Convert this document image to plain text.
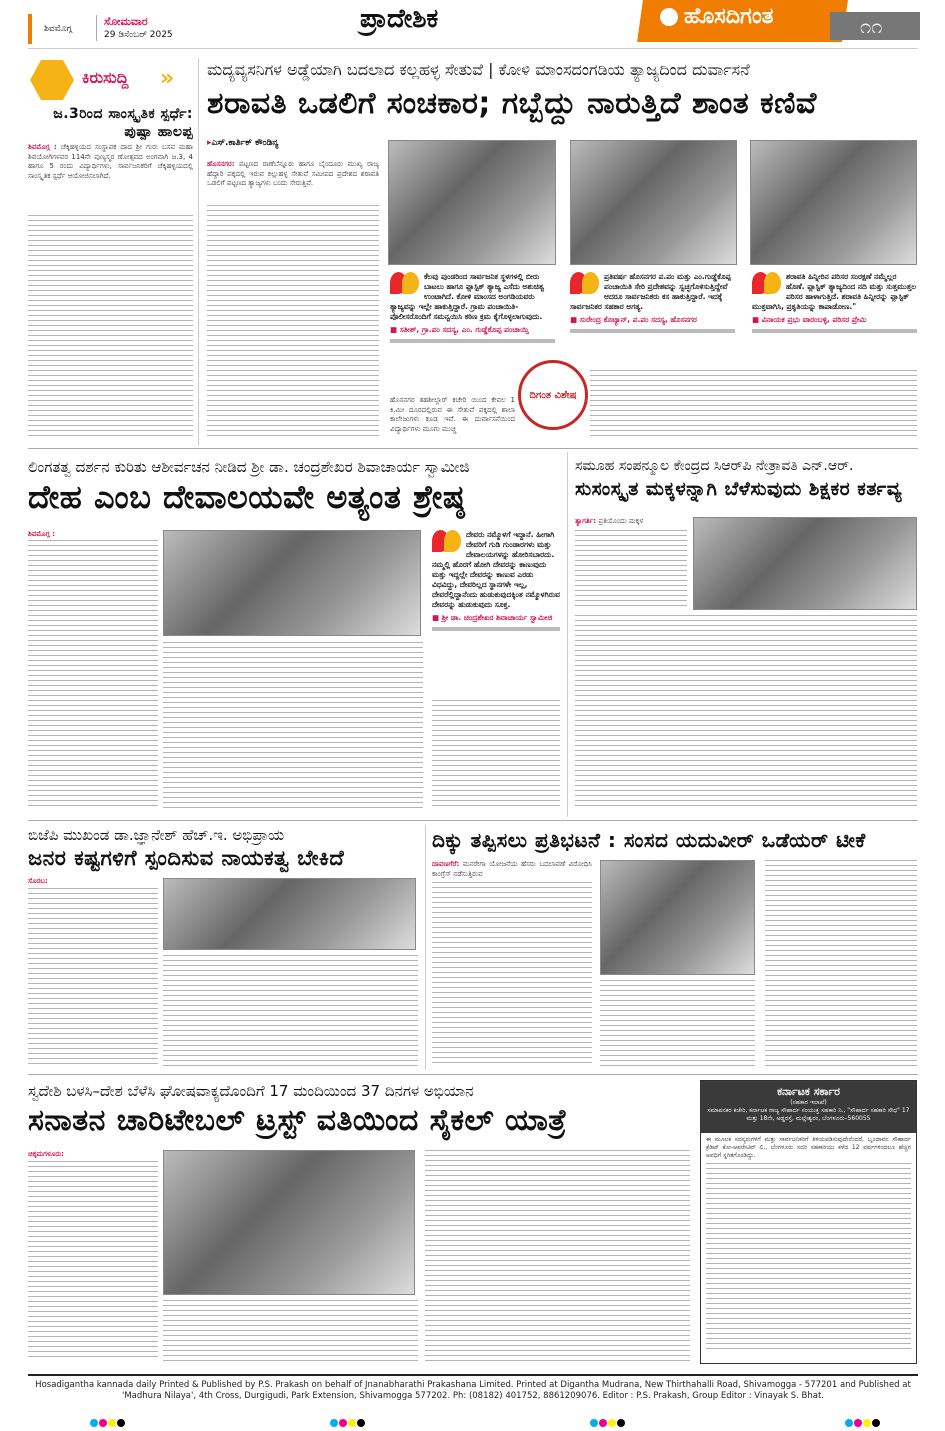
ಶಿವಮೊಗ್ಗ
ಸೋಮವಾರ
29 ಡಿಸೆಂಬರ್ 2025
ಪ್ರಾದೇಶಿಕ	ಹೊಸದಿಗಂತ	೧೧
ಕಿರುಸುದ್ದಿ »
ಜ.3ರಿಂದ ಸಾಂಸ್ಕೃತಿಕ ಸ್ಪರ್ಧೆ: ಪುಷ್ಪಾ ಹಾಲಪ್ಪ
ಶಿವಮೊಗ್ಗ : ಚೆಕ್ಕಿಹಳ್ಳಿಯದ ಸಂಸ್ಥಾಪಕ ದಾದ ಶ್ರೀ ಗುರು ಬಸವ ಮಹಾ ಶಿವಯೋಗಿಗಳವರ 114ನೇ ಪುಣ್ಯಸ್ಮರ ಣೋತ್ಸವದ ಅಂಗವಾಗಿ ಜ.3, 4 ಹಾಗೂ 5 ರಂದು ವಿದ್ಯಾರ್ಥಿಗಳು, ಸಾರ್ವಜನಿಕರಿಗೆ ಚೆಕ್ಕಿಹಳ್ಳಿಯದಲ್ಲಿ ಸಾಂಸ್ಕೃತಿಕ ಸ್ಪರ್ಧೆ ಆಯೋಜಿಸಲಾಗಿದೆ.
ಮದ್ಯವ್ಯಸನಿಗಳ ಅಡ್ಡೆಯಾಗಿ ಬದಲಾದ ಕಲ್ಲಹಳ್ಳ ಸೇತುವೆ | ಕೋಳಿ ಮಾಂಸದಂಗಡಿಯ ತ್ಯಾಜ್ಯದಿಂದ ದುರ್ವಾಸನೆ
ಶರಾವತಿ ಒಡಲಿಗೆ ಸಂಚಕಾರ; ಗಬ್ಬೆದ್ದು ನಾರುತ್ತಿದೆ ಶಾಂತ ಕಣಿವೆ
▸ಎಸ್.ಕಾರ್ತಿಕ್ ಕೌಂಡಿನ್ಯ
ಹೊಸನಗರ: ಪಟ್ಟಣದ ರಾಣೆಬೆನ್ನೂರು ಹಾಗೂ ಬೈಂದೂರು ಮುಖ್ಯ ರಾಜ್ಯ ಹೆದ್ದಾರಿ ಪಕ್ಕದಲ್ಲಿ ಇರುವ ಕಲ್ಲುಹಳ್ಳ ಸೇತುವೆ ಸಮೀಪದ ಪ್ರದೇಶದ ಶರಾವತಿ ಒಡಲಿಗೆ ಪಟ್ಟಣದ ತ್ಯಾಜ್ಯಗಳು ಬಂದು ಸೇರುತ್ತಿವೆ.
ಕೆಲವು ಪುಂಡರಿಂದ ಸಾರ್ವಜನಿಕ ಸ್ಥಳಗಳಲ್ಲಿ ಬೀರು ಬಾಟಲು ಹಾಗೂ ಪ್ಲಾಸ್ಟಿಕ್ ತ್ಯಾಜ್ಯ ಎಸೆದು ಅಶುಚಿತ್ವ ಉಂಟಾಗಿದೆ. ಕೋಳಿ ಮಾಂಸದ ಅಂಗಡಿಯವರು ತ್ಯಾಜ್ಯವನ್ನು ಇಲ್ಲೇ ಹಾಕುತ್ತಿದ್ದಾರೆ. ಗ್ರಾಮ ಪಂಚಾಯಿತಿ- ಪೊಲೀಸರೊಂದಿಗೆ ಸಮನ್ವಯಿಸಿ ಕಠಿಣ ಕ್ರಮ ಕೈಗೊಳ್ಳಲಾಗುವುದು.
■ ಸತೀಶ್, ಗ್ರಾ.ಪಂ ಸದಸ್ಯ, ಎಂ. ಗುಡ್ಡೆಕೊಪ್ಪ ಪಂಚಾಯ್ತಿ
ಪ್ರತಿವರ್ಷ ಹೊಸನಗರ ಪ.ಪಂ ಮತ್ತು ಎಂ.ಗುಡ್ಡೆಕೊಪ್ಪ ಪಂಚಾಯಿತಿ ಸೇರಿ ಪ್ರದೇಶವನ್ನು ಸ್ವಚ್ಛಗೊಳಿಸುತ್ತಿದ್ದೇವೆ ಆದರೂ ಸಾರ್ವಜನಿಕರು ಕಸ ಹಾಕುತ್ತಿದ್ದಾರೆ. ಇದಕ್ಕೆ ಸಾರ್ವಜನಿಕರ ಸಹಕಾರ ಅಗತ್ಯ.
■ ಸುರೇಂದ್ರ ಕೊಟ್ಯಾನ್, ಪ.ಪಂ ಸದಸ್ಯ, ಹೊಸನಗರ
ಶರಾವತಿ ಹಿನ್ನೀರಿನ ಪರಿಸರ ಸಂರಕ್ಷಣೆ ನಮ್ಮೆಲ್ಲರ ಹೊಣೆ. ಪ್ಲಾಸ್ಟಿಕ್ ತ್ಯಾಜ್ಯದಿಂದ ನದಿ ಮತ್ತು ಸುತ್ತಮುತ್ತಲ ಪರಿಸರ ಹಾಳಾಗುತ್ತಿದೆ. ಶರಾವತಿ ಹಿನ್ನೀರನ್ನು ಪ್ಲಾಸ್ಟಿಕ್ ಮುಕ್ತವಾಗಿಸಿ, ಪ್ರಕೃತಿಯನ್ನು ಕಾಪಾಡೋಣ."
■ ವಿನಾಯಕ ಪ್ರಭು ವಾರಂಬಳ್ಳಿ, ಪರಿಸರ ಪ್ರೇಮಿ
ಹೊಸನಗರ ತಹಶೀಲ್ದಾರ್ ಕಚೇರಿ ಯಿಂದ ಕೇವಲ 1 ಕಿ.ಮೀ ದೂರದಲ್ಲಿರುವ ಈ ಸೇತುವೆ ಪಕ್ಕದಲ್ಲಿ ಶಾಲಾ ಕಾಲೇಜುಗಳು ಕೂಡ ಇವೆ. ಈ ದುರ್ವಾಸನೆಯಿಂದ ವಿದ್ಯಾರ್ಥಿಗಳು ಮೂಗು ಮುಚ್ಚಿ
ದಿಗಂತ ವಿಶೇಷ
ಲಿಂಗತತ್ವ ದರ್ಶನ ಕುರಿತು ಆಶೀರ್ವಚನ ನೀಡಿದ ಶ್ರೀ ಡಾ. ಚಂದ್ರಶೇಖರ ಶಿವಾಚಾರ್ಯ ಸ್ವಾಮೀಜಿ
ದೇಹ ಎಂಬ ದೇವಾಲಯವೇ ಅತ್ಯಂತ ಶ್ರೇಷ್ಠ
ಶಿವಮೊಗ್ಗ :	ದೇವರು ನಮ್ಮೊಳಗೆ ಇದ್ದಾನೆ. ಹೀಗಾಗಿ ದೇವರಿಗೆ ಗುಡಿ ಗುಂಡಾರಗಳು ಮತ್ತು ದೇವಾಲಯಗಳನ್ನು ಹೋರಿಸಬಾರದು. ನಮ್ಮಲ್ಲಿ ಹೊರಗೆ ಹೋಗಿ ದೇವರನ್ನು ಕಾಣುವುದು ಮತ್ತು ಇದ್ದಲ್ಲೇ ದೇವರನ್ನು ಕಾಣುವ ಎರಡು ವಿಧವಿದ್ದು, ದೇವರಿಲ್ಲದ ಸ್ಥಾನಗಳೇ ಇಲ್ಲ, ದೇವರೆಲ್ಲಿದ್ದಾನೆಂದು ಹುಡುಕುವುದಕ್ಕಿಂತ ನಮ್ಮೊಳಗಿರುವ ದೇವರನ್ನು ಹುಡುಕುವುದು ಸೂಕ್ತ.
■ ಶ್ರೀ ಡಾ. ಚಂದ್ರಶೇಖರ ಶಿವಾಚಾರ್ಯ ಸ್ವಾಮೀಜಿ
ಸಮೂಹ ಸಂಪನ್ಮೂಲ ಕೇಂದ್ರದ ಸಿಆರ್‌ಪಿ ನೇತ್ರಾವತಿ ಎನ್.ಆರ್.
ಸುಸಂಸ್ಕೃತ ಮಕ್ಕಳನ್ನಾಗಿ ಬೆಳೆಸುವುದು ಶಿಕ್ಷಕರ ಕರ್ತವ್ಯ
ತ್ಯಾಗರ್ತಿ: ಪ್ರತಿಯೊಂದು ಮಕ್ಕಳ
ಬಿಜೆಪಿ ಮುಖಂಡ ಡಾ.ಜ್ಞಾನೇಶ್ ಹೆಚ್.ಇ. ಅಭಿಪ್ರಾಯ
ಜನರ ಕಷ್ಟಗಳಿಗೆ ಸ್ಪಂದಿಸುವ ನಾಯಕತ್ವ ಬೇಕಿದೆ
ಸೊರಬ:
ದಿಕ್ಕು ತಪ್ಪಿಸಲು ಪ್ರತಿಭಟನೆ : ಸಂಸದ ಯದುವೀರ್ ಒಡೆಯರ್ ಟೀಕೆ
ದಾವಣಗೆರೆ: ಮನರೇಗಾ ಯೋಜನೆಯ ಹೆಸರು ಬದಲಾವಣೆ ವಿರೋಧಿಸಿ ಕಾಂಗ್ರೆಸ್ ನಡೆಸುತ್ತಿರುವ
ಸ್ವದೇಶಿ ಬಳಸಿ–ದೇಶ ಬೆಳೆಸಿ ಘೋಷವಾಕ್ಯದೊಂದಿಗೆ 17 ಮಂದಿಯಿಂದ 37 ದಿನಗಳ ಅಭಿಯಾನ
ಸನಾತನ ಚಾರಿಟೇಬಲ್ ಟ್ರಸ್ಟ್ ವತಿಯಿಂದ ಸೈಕಲ್ ಯಾತ್ರೆ
ಚಿಕ್ಕಮಗಳೂರು:
ಕರ್ನಾಟಕ ಸರ್ಕಾರ
(ಸಹಕಾರ ಇಲಾಖೆ)
ಸಮಾಪನಕರ ಕಚೇರಿ, ಕರ್ನಾಟಕ ರಾಜ್ಯ ಸೌಹಾರ್ದ ಸಂಯುಕ್ತ ಸಹಕಾರಿ ನಿ., "ಸೌಹಾರ್ದ ಸಹಕಾರಿ ಸೌಧ" 17 ಮತ್ತು 18ನೇ, ಅಡ್ಡರಸ್ತೆ, ಮಲ್ಲೇಶ್ವರಂ, ಬೆಂಗಳೂರು–560055
ಈ ಮೂಲಕ ಸದಸ್ಯರುಗಳಿಗೆ ಮತ್ತು ಸಾರ್ವಜನಿಕರಿಗೆ ತಿಳಿಯಪಡಿಸುವುದೇನೆಂದರೆ, ಬೃಂದಾವನ ಸೌಹಾರ್ದ ಕ್ರೆಡಿಟ್ ಕೋ-ಆಪರೇಟಿವ್ ಲಿ., ಬೆಂಗಳೂರು ಸದರಿ ಸಹಕಾರಿಯು ಕಳೆದ 12 ವರ್ಷಗಳಿಂದಲೂ ಹೆಚ್ಚಿನ ಅವಧಿಗೆ ಸ್ಥಗಿತಗೊಂಡಿದ್ದು.
Hosadigantha kannada daily Printed & Published by P.S. Prakash on behalf of Jnanabharathi Prakashana Limited. Printed at Digantha Mudrana, New Thirthahalli Road, Shivamogga - 577201 and Published at 'Madhura Nilaya', 4th Cross, Durgigudi, Park Extension, Shivamogga 577202. Ph: (08182) 401752, 8861209076. Editor : P.S. Prakash, Group Editor : Vinayak S. Bhat.
